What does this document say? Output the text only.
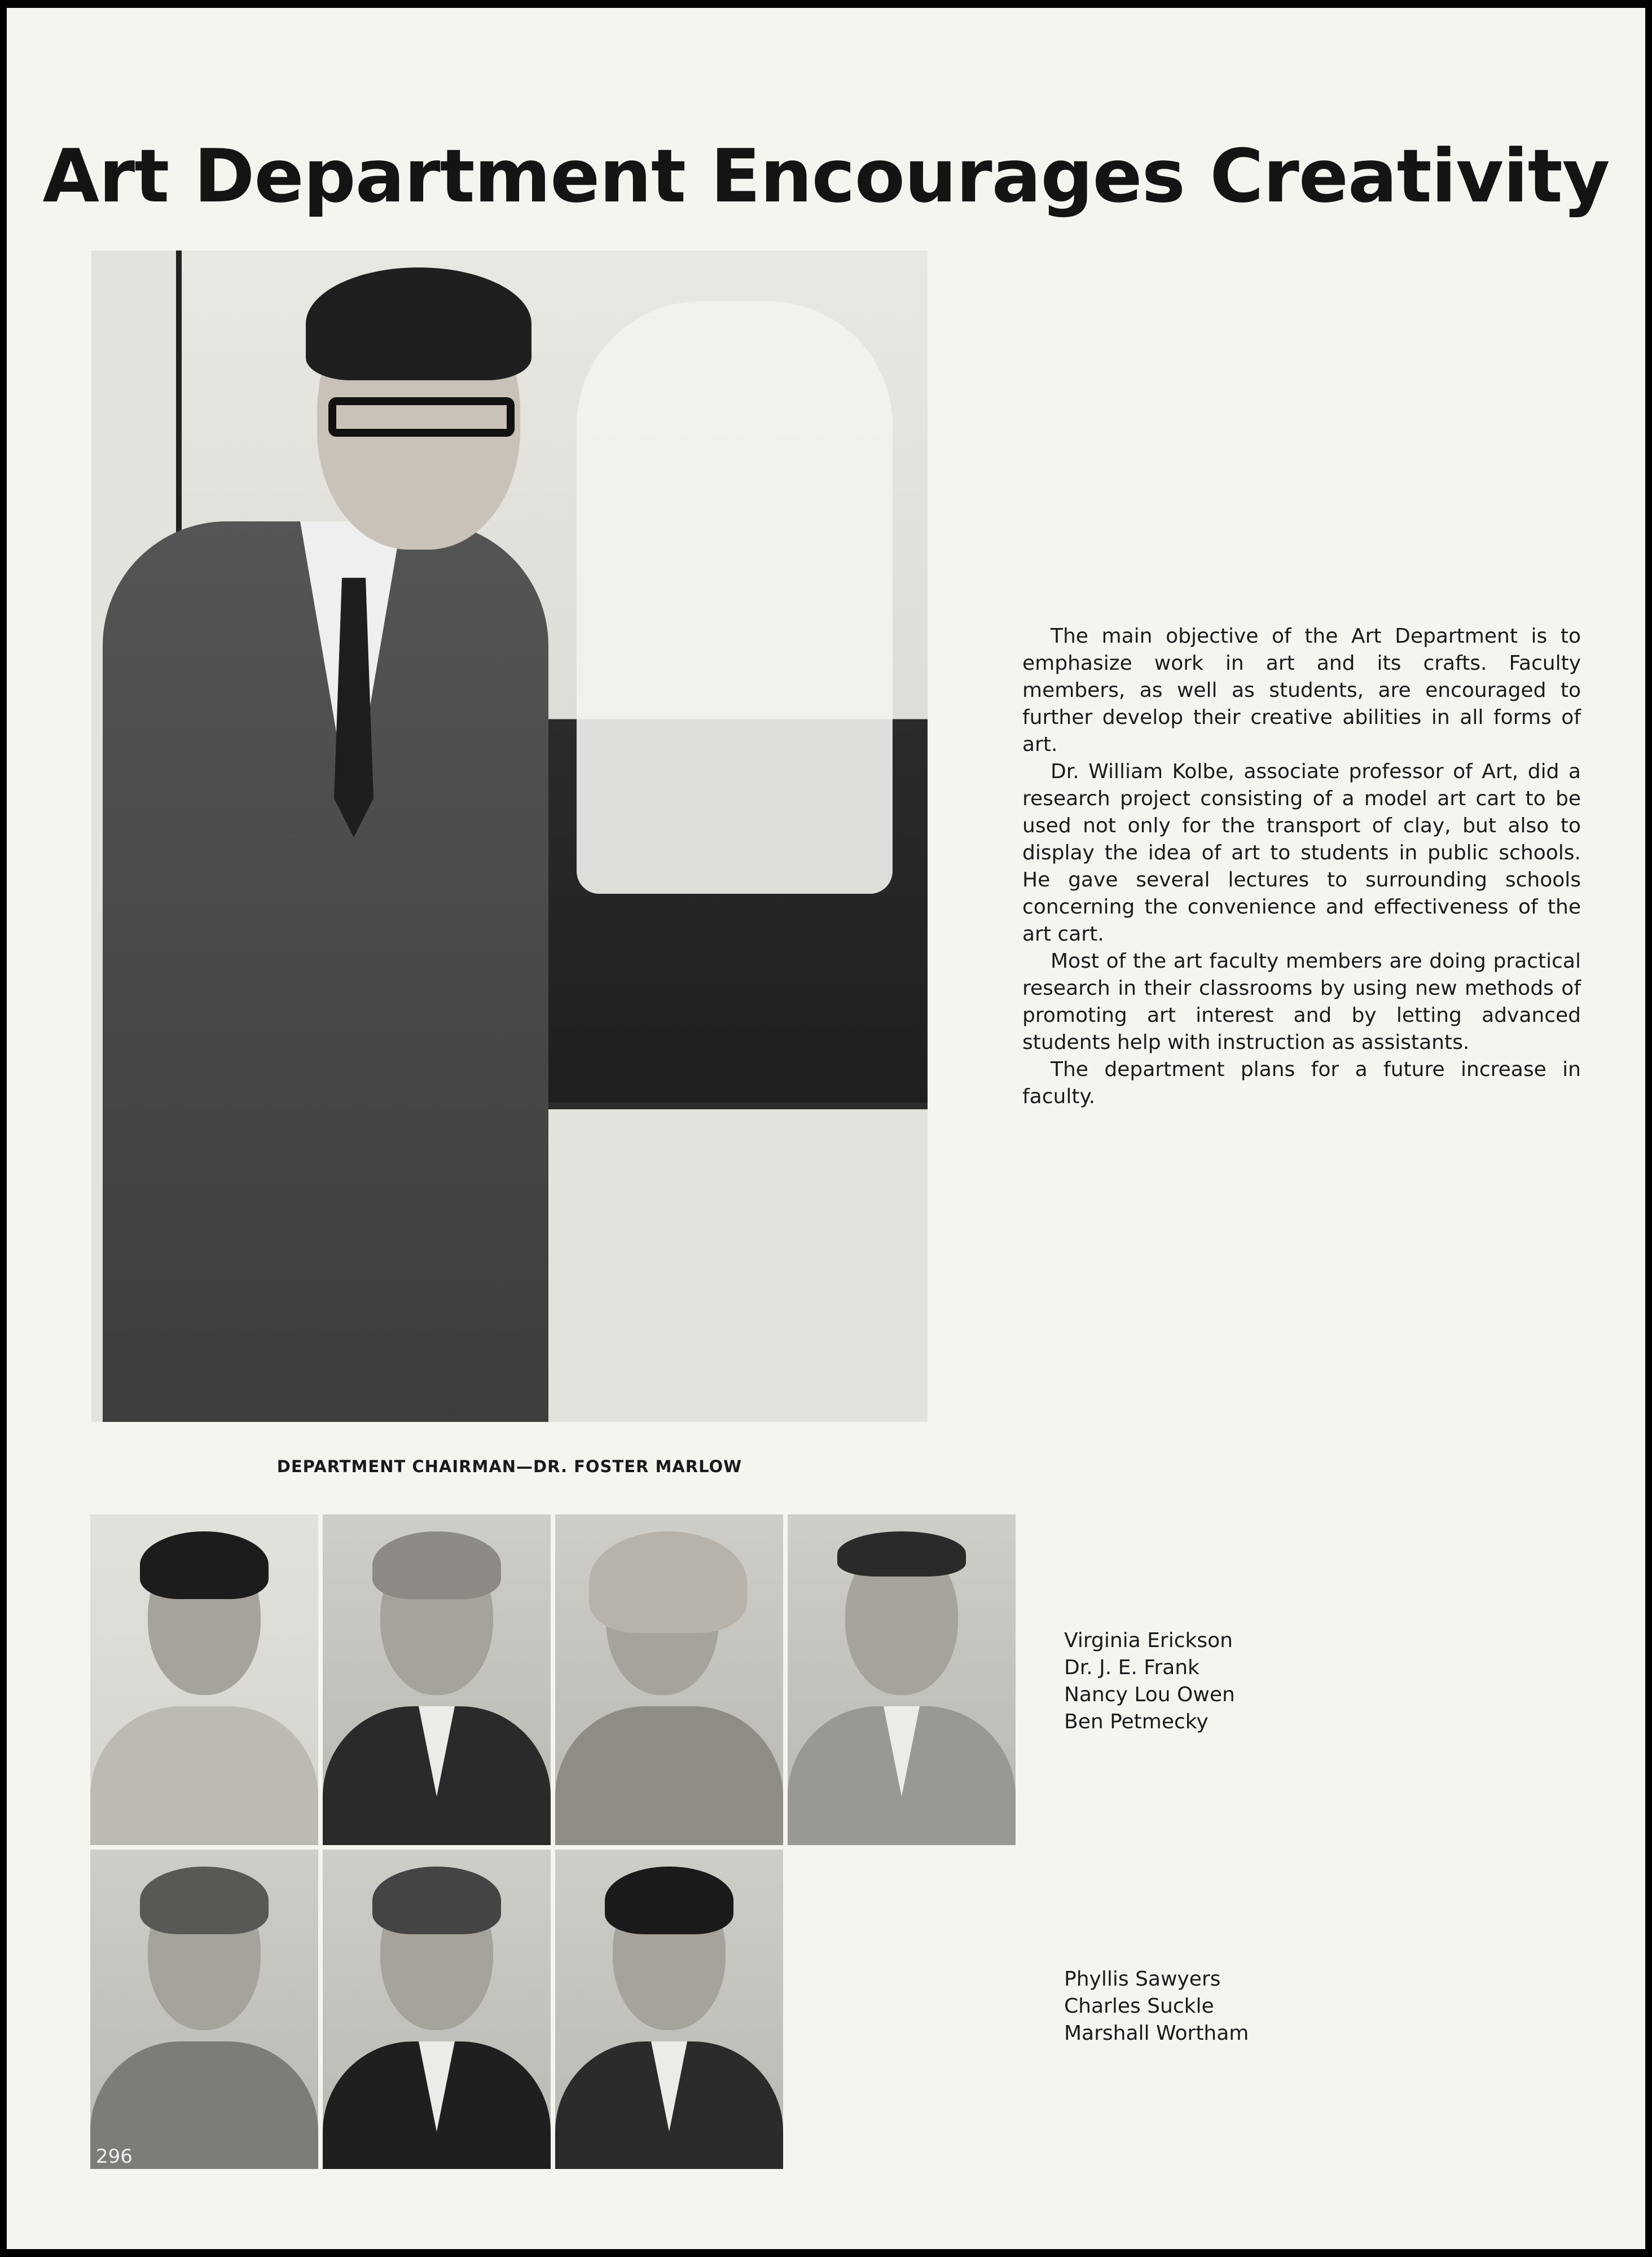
Art Department Encourages Creativity
DEPARTMENT CHAIRMAN—DR. FOSTER MARLOW

The main objective of the Art Department is to emphasize work in art and its crafts. Faculty members, as well as students, are encouraged to further develop their creative abilities in all forms of art.

Dr. William Kolbe, associate professor of Art, did a research project consisting of a model art cart to be used not only for the transport of clay, but also to display the idea of art to students in public schools. He gave several lectures to surrounding schools concerning the convenience and effectiveness of the art cart.

Most of the art faculty members are doing practical research in their classrooms by using new methods of promoting art interest and by letting advanced students help with instruction as assistants.

The department plans for a future increase in faculty.

Virginia Erickson
Dr. J. E. Frank
Nancy Lou Owen
Ben Petmecky
Phyllis Sawyers
Charles Suckle
Marshall Wortham
296
